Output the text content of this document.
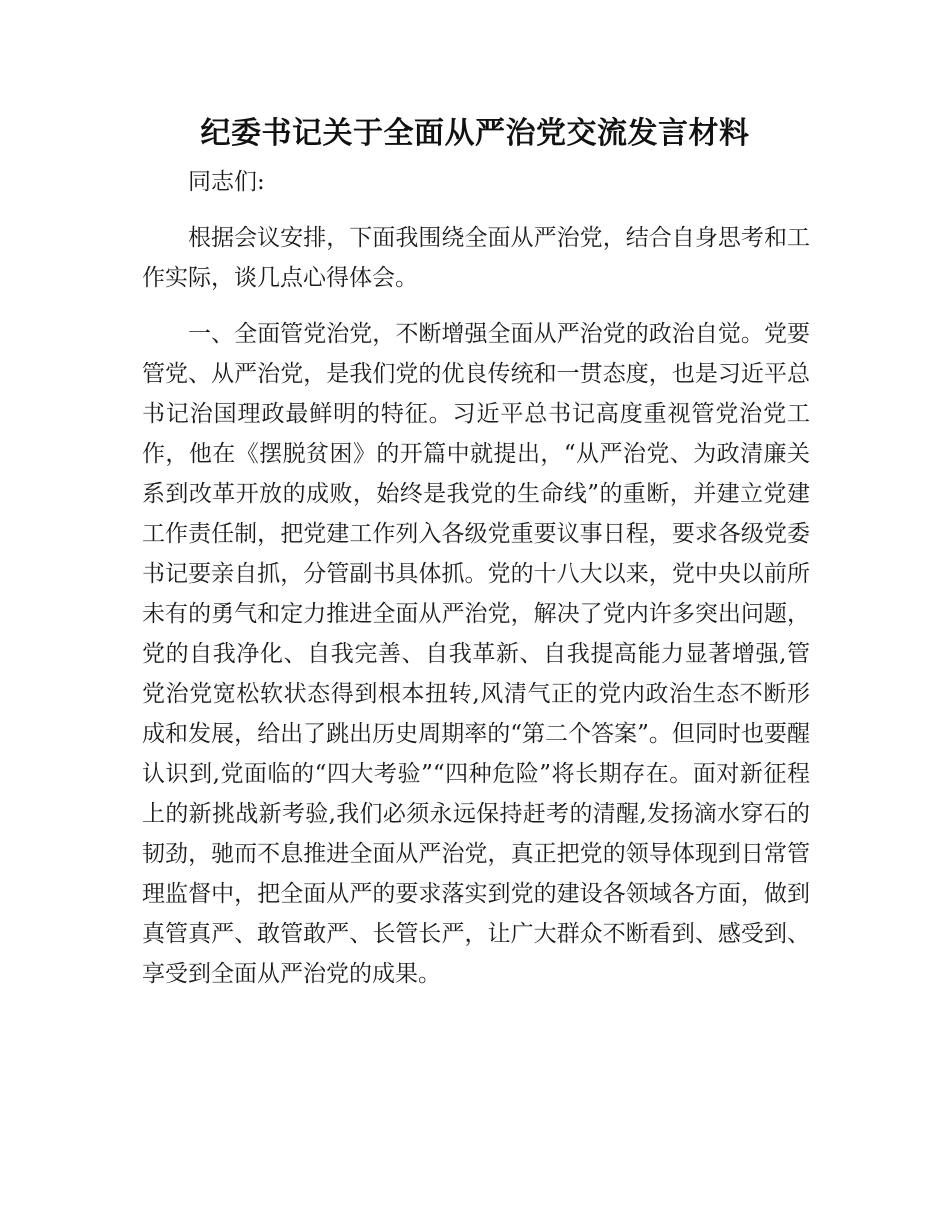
纪委书记关于全面从严治党交流发言材料

同志们:

根据会议安排，下面我围绕全面从严治党，结合自身思考和工作实际，谈几点心得体会。

一、全面管党治党，不断增强全面从严治党的政治自觉。党要管党、从严治党，是我们党的优良传统和一贯态度，也是习近平总书记治国理政最鲜明的特征。习近平总书记高度重视管党治党工作，他在《摆脱贫困》的开篇中就提出，“从严治党、为政清廉关系到改革开放的成败，始终是我党的生命线”的重断，并建立党建工作责任制，把党建工作列入各级党重要议事日程，要求各级党委书记要亲自抓，分管副书具体抓。党的十八大以来，党中央以前所未有的勇气和定力推进全面从严治党，解决了党内许多突出问题，党的自我净化、自我完善、自我革新、自我提高能力显著增强,管党治党宽松软状态得到根本扭转,风清气正的党内政治生态不断形成和发展，给出了跳出历史周期率的“第二个答案”。但同时也要醒认识到,党面临的“四大考验”“四种危险”将长期存在。面对新征程上的新挑战新考验,我们必须永远保持赶考的清醒,发扬滴水穿石的韧劲，驰而不息推进全面从严治党，真正把党的领导体现到日常管理监督中，把全面从严的要求落实到党的建设各领域各方面，做到真管真严、敢管敢严、长管长严，让广大群众不断看到、感受到、享受到全面从严治党的成果。
